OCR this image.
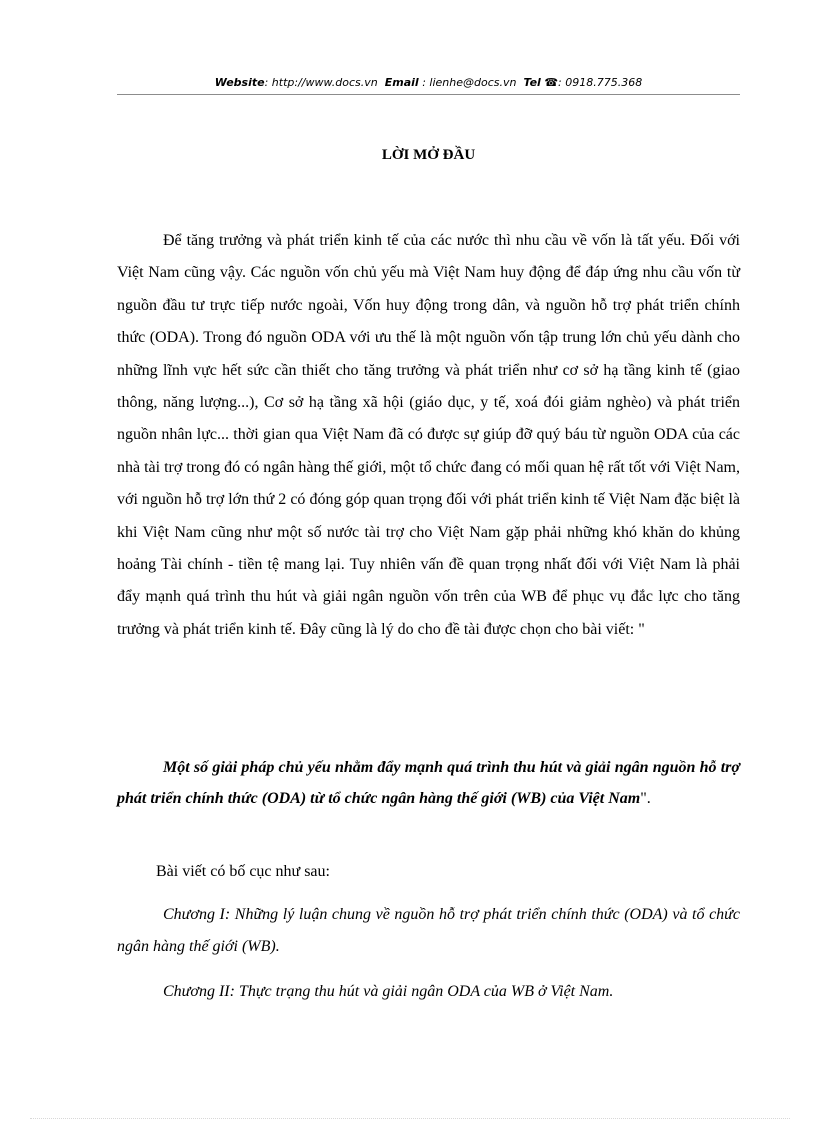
Website: http://www.docs.vn Email : lienhe@docs.vn Tel ☎: 0918.775.368
LỜI MỞ ĐẦU

Để tăng trưởng và phát triển kinh tế của các nước thì nhu cầu về vốn là tất yếu. Đối với Việt Nam cũng vậy. Các nguồn vốn chủ yếu mà Việt Nam huy động để đáp ứng nhu cầu vốn từ nguồn đầu tư trực tiếp nước ngoài, Vốn huy động trong dân, và nguồn hỗ trợ phát triển chính thức (ODA). Trong đó nguồn ODA với ưu thế là một nguồn vốn tập trung lớn chủ yếu dành cho những lĩnh vực hết sức cần thiết cho tăng trưởng và phát triển như cơ sở hạ tầng kinh tế (giao thông, năng lượng...), Cơ sở hạ tầng xã hội (giáo dục, y tế, xoá đói giảm nghèo) và phát triển nguồn nhân lực... thời gian qua Việt Nam đã có được sự giúp đỡ quý báu từ nguồn ODA của các nhà tài trợ trong đó có ngân hàng thế giới, một tổ chức đang có mối quan hệ rất tốt với Việt Nam, với nguồn hỗ trợ lớn thứ 2 có đóng góp quan trọng đối với phát triển kinh tế Việt Nam đặc biệt là khi Việt Nam cũng như một số nước tài trợ cho Việt Nam gặp phải những khó khăn do khủng hoảng Tài chính - tiền tệ mang lại. Tuy nhiên vấn đề quan trọng nhất đối với Việt Nam là phải đẩy mạnh quá trình thu hút và giải ngân nguồn vốn trên của WB để phục vụ đắc lực cho tăng trưởng và phát triển kinh tế. Đây cũng là lý do cho đề tài được chọn cho bài viết: "

Một số giải pháp chủ yếu nhằm đẩy mạnh quá trình thu hút và giải ngân nguồn hỗ trợ phát triển chính thức (ODA) từ tổ chức ngân hàng thế giới (WB) của Việt Nam".

Bài viết có bố cục như sau:

Chương I: Những lý luận chung về nguồn hỗ trợ phát triển chính thức (ODA) và tổ chức ngân hàng thế giới (WB).

Chương II: Thực trạng thu hút và giải ngân ODA của WB ở Việt Nam.
